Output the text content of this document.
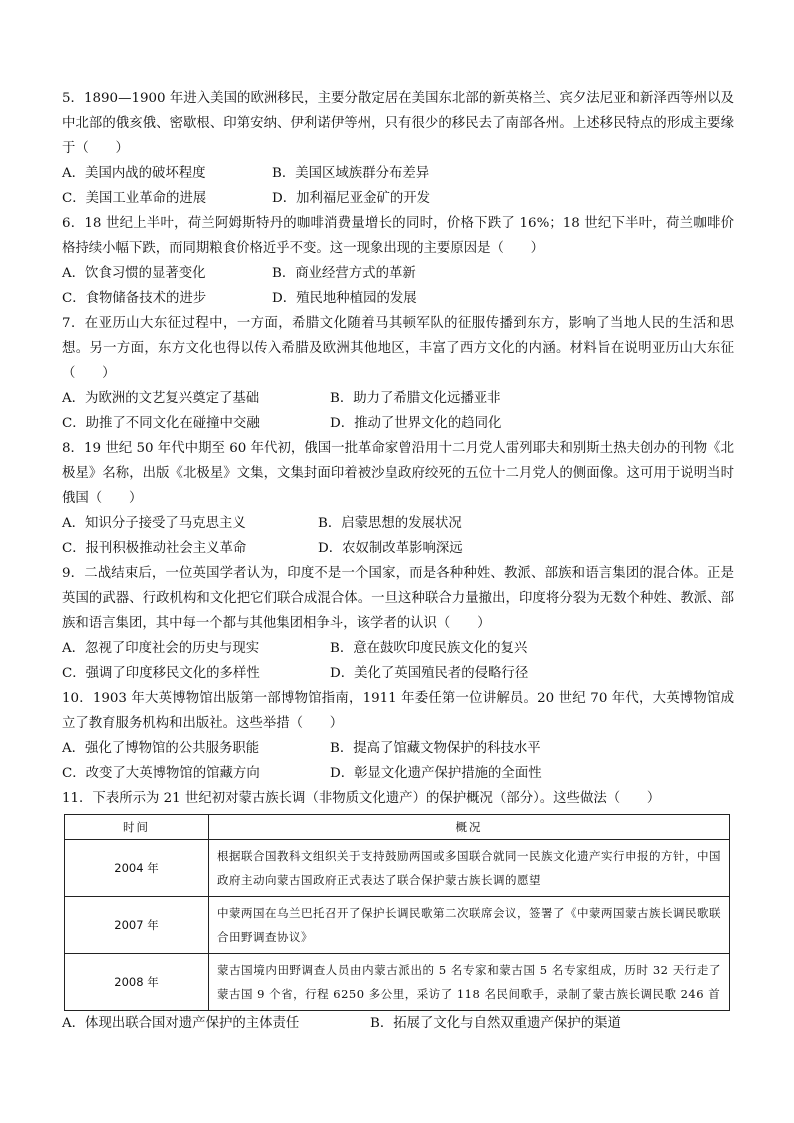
5．1890—1900 年进入美国的欧洲移民，主要分散定居在美国东北部的新英格兰、宾夕法尼亚和新泽西等州以及中北部的俄亥俄、密歇根、印第安纳、伊利诺伊等州，只有很少的移民去了南部各州。上述移民特点的形成主要缘于（　　）

A．美国内战的破坏程度	B．美国区域族群分布差异
C．美国工业革命的进展	D．加利福尼亚金矿的开发

6．18 世纪上半叶，荷兰阿姆斯特丹的咖啡消费量增长的同时，价格下跌了 16%；18 世纪下半叶，荷兰咖啡价格持续小幅下跌，而同期粮食价格近乎不变。这一现象出现的主要原因是（　　）

A．饮食习惯的显著变化	B．商业经营方式的革新
C．食物储备技术的进步	D．殖民地种植园的发展

7．在亚历山大东征过程中，一方面，希腊文化随着马其顿军队的征服传播到东方，影响了当地人民的生活和思想。另一方面，东方文化也得以传入希腊及欧洲其他地区，丰富了西方文化的内涵。材料旨在说明亚历山大东征（　　）

A．为欧洲的文艺复兴奠定了基础	B．助力了希腊文化远播亚非
C．助推了不同文化在碰撞中交融	D．推动了世界文化的趋同化

8．19 世纪 50 年代中期至 60 年代初，俄国一批革命家曾沿用十二月党人雷列耶夫和别斯土热夫创办的刊物《北极星》名称，出版《北极星》文集，文集封面印着被沙皇政府绞死的五位十二月党人的侧面像。这可用于说明当时俄国（　　）

A．知识分子接受了马克思主义	B．启蒙思想的发展状况
C．报刊积极推动社会主义革命	D．农奴制改革影响深远

9．二战结束后，一位英国学者认为，印度不是一个国家，而是各种种姓、教派、部族和语言集团的混合体。正是英国的武器、行政机构和文化把它们联合成混合体。一旦这种联合力量撤出，印度将分裂为无数个种姓、教派、部族和语言集团，其中每一个都与其他集团相争斗，该学者的认识（　　）

A．忽视了印度社会的历史与现实	B．意在鼓吹印度民族文化的复兴
C．强调了印度移民文化的多样性	D．美化了英国殖民者的侵略行径

10．1903 年大英博物馆出版第一部博物馆指南，1911 年委任第一位讲解员。20 世纪 70 年代，大英博物馆成立了教育服务机构和出版社。这些举措（　　）

A．强化了博物馆的公共服务职能	B．提高了馆藏文物保护的科技水平
C．改变了大英博物馆的馆藏方向	D．彰显文化遗产保护措施的全面性

11．下表所示为 21 世纪初对蒙古族长调（非物质文化遗产）的保护概况（部分）。这些做法（　　）

时间	概况
2004 年	根据联合国教科文组织关于支持鼓励两国或多国联合就同一民族文化遗产实行申报的方针，中国政府主动向蒙古国政府正式表达了联合保护蒙古族长调的愿望
2007 年	中蒙两国在乌兰巴托召开了保护长调民歌第二次联席会议，签署了《中蒙两国蒙古族长调民歌联合田野调查协议》
2008 年	蒙古国境内田野调查人员由内蒙古派出的 5 名专家和蒙古国 5 名专家组成，历时 32 天行走了蒙古国 9 个省，行程 6250 多公里，采访了 118 名民间歌手，录制了蒙古族长调民歌 246 首
A．体现出联合国对遗产保护的主体责任	B．拓展了文化与自然双重遗产保护的渠道
